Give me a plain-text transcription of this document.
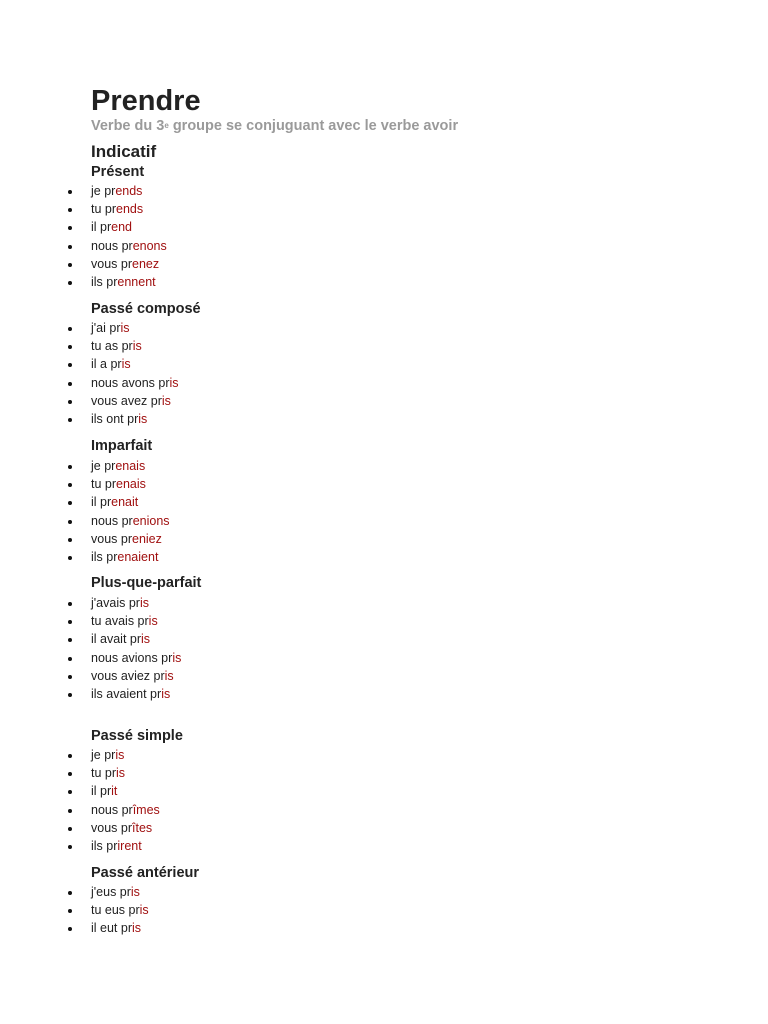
Prendre

Verbe du 3e groupe se conjuguant avec le verbe avoir

Indicatif
Présent
je prends
tu prends
il prend
nous prenons
vous prenez
ils prennent
Passé composé
j'ai pris
tu as pris
il a pris
nous avons pris
vous avez pris
ils ont pris
Imparfait
je prenais
tu prenais
il prenait
nous prenions
vous preniez
ils prenaient
Plus-que-parfait
j'avais pris
tu avais pris
il avait pris
nous avions pris
vous aviez pris
ils avaient pris
Passé simple
je pris
tu pris
il prit
nous prîmes
vous prîtes
ils prirent
Passé antérieur
j'eus pris
tu eus pris
il eut pris
